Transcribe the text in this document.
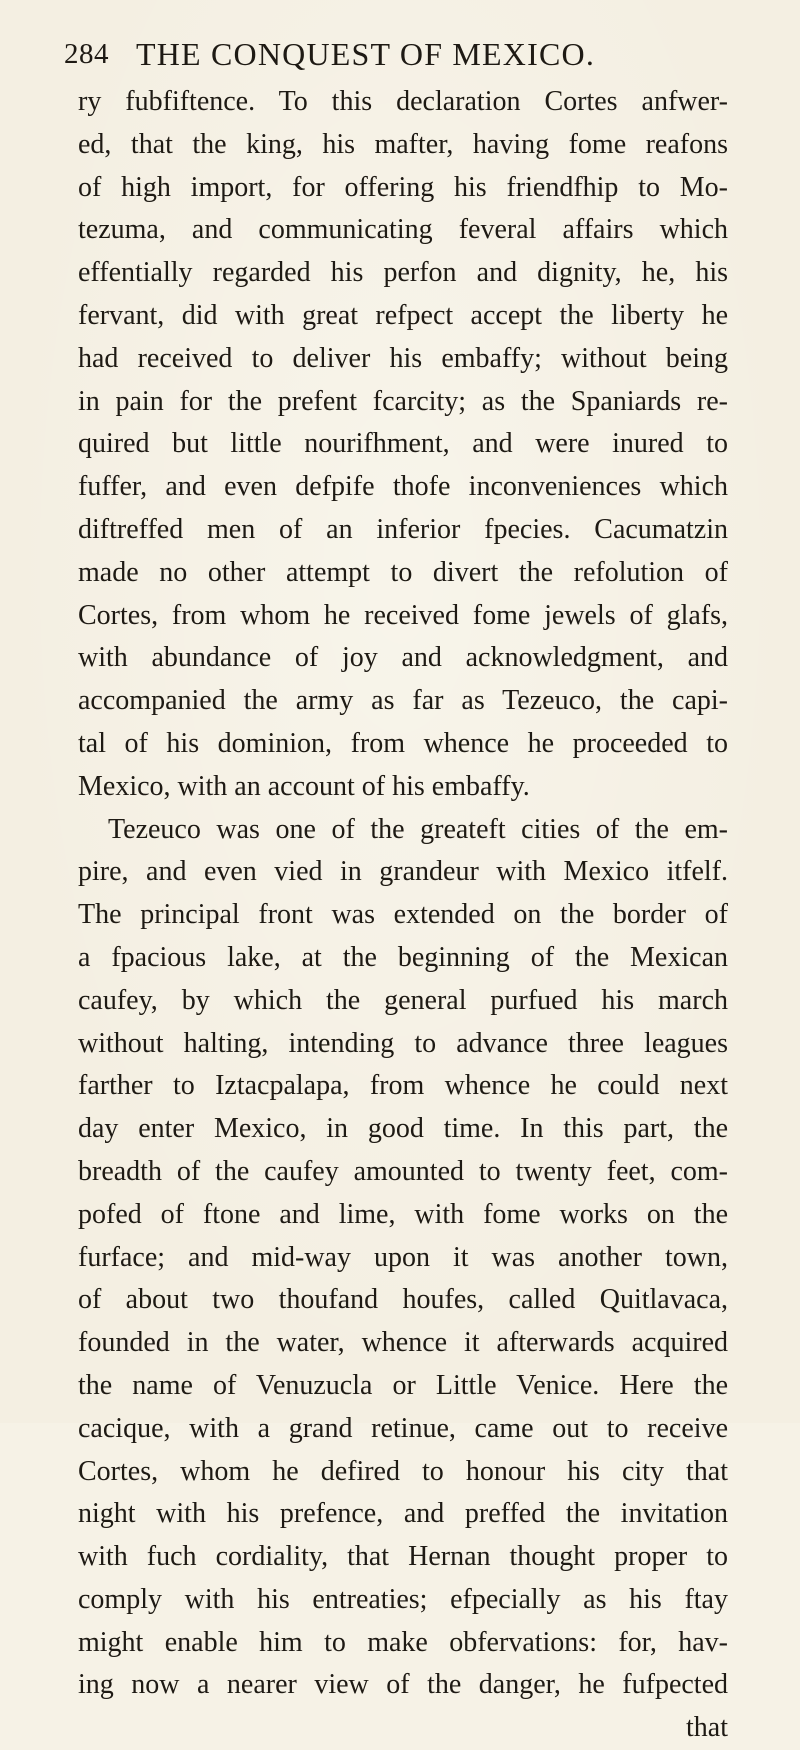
284 THE CONQUEST OF MEXICO.
ry fubfiftence. To this declaration Cortes anfwer-
ed, that the king, his mafter, having fome reafons
of high import, for offering his friendfhip to Mo-
tezuma, and communicating feveral affairs which
effentially regarded his perfon and dignity, he, his
fervant, did with great refpect accept the liberty he
had received to deliver his embaffy; without being
in pain for the prefent fcarcity; as the Spaniards re-
quired but little nourifhment, and were inured to
fuffer, and even defpife thofe inconveniences which
diftreffed men of an inferior fpecies. Cacumatzin
made no other attempt to divert the refolution of
Cortes, from whom he received fome jewels of glafs,
with abundance of joy and acknowledgment, and
accompanied the army as far as Tezeuco, the capi-
tal of his dominion, from whence he proceeded to
Mexico, with an account of his embaffy.
Tezeuco was one of the greateft cities of the em-
pire, and even vied in grandeur with Mexico itfelf.
The principal front was extended on the border of
a fpacious lake, at the beginning of the Mexican
caufey, by which the general purfued his march
without halting, intending to advance three leagues
farther to Iztacpalapa, from whence he could next
day enter Mexico, in good time. In this part, the
breadth of the caufey amounted to twenty feet, com-
pofed of ftone and lime, with fome works on the
furface; and mid-way upon it was another town,
of about two thoufand houfes, called Quitlavaca,
founded in the water, whence it afterwards acquired
the name of Venuzucla or Little Venice. Here the
cacique, with a grand retinue, came out to receive
Cortes, whom he defired to honour his city that
night with his prefence, and preffed the invitation
with fuch cordiality, that Hernan thought proper to
comply with his entreaties; efpecially as his ftay
might enable him to make obfervations: for, hav-
ing now a nearer view of the danger, he fufpected
that
